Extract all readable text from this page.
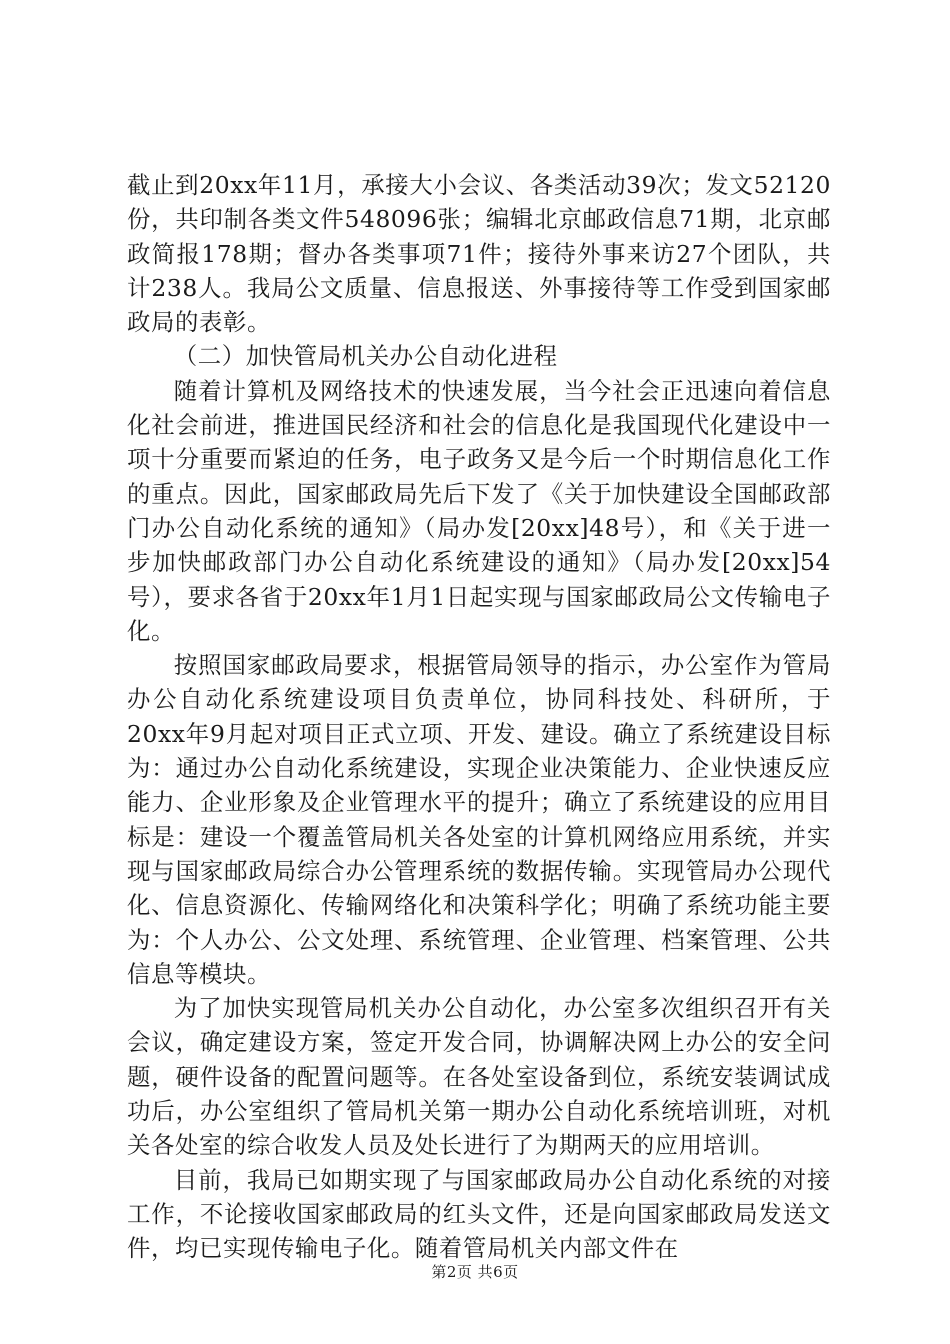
截止到20xx年11月，承接大小会议、各类活动39次；发文52120份，共印制各类文件548096张；编辑北京邮政信息71期，北京邮政简报178期；督办各类事项71件；接待外事来访27个团队，共计238人。我局公文质量、信息报送、外事接待等工作受到国家邮政局的表彰。

（二）加快管局机关办公自动化进程

随着计算机及网络技术的快速发展，当今社会正迅速向着信息化社会前进，推进国民经济和社会的信息化是我国现代化建设中一项十分重要而紧迫的任务，电子政务又是今后一个时期信息化工作的重点。因此，国家邮政局先后下发了《关于加快建设全国邮政部门办公自动化系统的通知》（局办发[20xx]48号），和《关于进一步加快邮政部门办公自动化系统建设的通知》（局办发[20xx]54号），要求各省于20xx年1月1日起实现与国家邮政局公文传输电子化。

按照国家邮政局要求，根据管局领导的指示，办公室作为管局办公自动化系统建设项目负责单位，协同科技处、科研所，于20xx年9月起对项目正式立项、开发、建设。确立了系统建设目标为：通过办公自动化系统建设，实现企业决策能力、企业快速反应能力、企业形象及企业管理水平的提升；确立了系统建设的应用目标是：建设一个覆盖管局机关各处室的计算机网络应用系统，并实现与国家邮政局综合办公管理系统的数据传输。实现管局办公现代化、信息资源化、传输网络化和决策科学化；明确了系统功能主要为：个人办公、公文处理、系统管理、企业管理、档案管理、公共信息等模块。

为了加快实现管局机关办公自动化，办公室多次组织召开有关会议，确定建设方案，签定开发合同，协调解决网上办公的安全问题，硬件设备的配置问题等。在各处室设备到位，系统安装调试成功后，办公室组织了管局机关第一期办公自动化系统培训班，对机关各处室的综合收发人员及处长进行了为期两天的应用培训。

目前，我局已如期实现了与国家邮政局办公自动化系统的对接工作，不论接收国家邮政局的红头文件，还是向国家邮政局发送文件，均已实现传输电子化。随着管局机关内部文件在

第2页 共6页
